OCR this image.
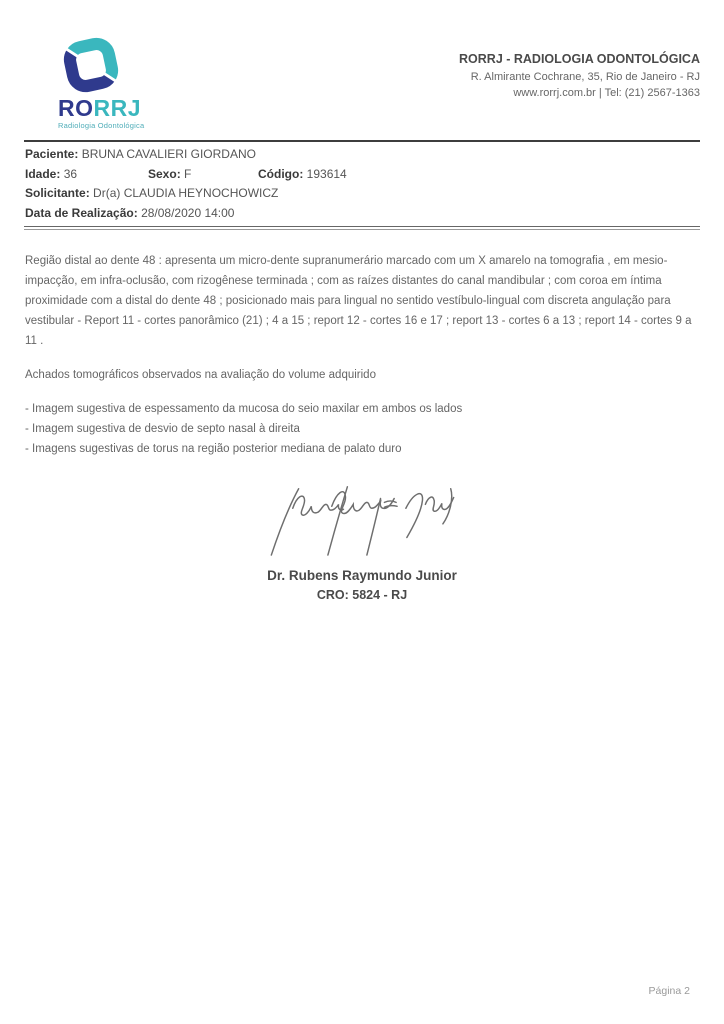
RORRJ
Radiologia Odontológica
RORRJ - RADIOLOGIA ODONTOLÓGICA
R. Almirante Cochrane, 35, Rio de Janeiro - RJ
www.rorrj.com.br | Tel: (21) 2567-1363
Paciente: BRUNA CAVALIERI GIORDANO
Idade: 36	Sexo: F	Código: 193614
Solicitante: Dr(a) CLAUDIA HEYNOCHOWICZ
Data de Realização: 28/08/2020 14:00
Região distal ao dente 48 : apresenta um micro-dente supranumerário marcado com um X amarelo na tomografia , em mesio-impacção, em infra-oclusão, com rizogênese terminada ; com as raízes distantes do canal mandibular ; com coroa em íntima proximidade com a distal do dente 48 ; posicionado mais para lingual no sentido vestíbulo-lingual com discreta angulação para vestibular - Report 11 - cortes panorâmico (21) ; 4 a 15 ; report 12 - cortes 16 e 17 ; report 13 - cortes 6 a 13 ; report 14 - cortes 9 a 11 .
Achados tomográficos observados na avaliação do volume adquirido
- Imagem sugestiva de espessamento da mucosa do seio maxilar em ambos os lados
- Imagem sugestiva de desvio de septo nasal à direita
- Imagens sugestivas de torus na região posterior mediana de palato duro
Dr. Rubens Raymundo Junior
CRO: 5824 - RJ
Página 2
